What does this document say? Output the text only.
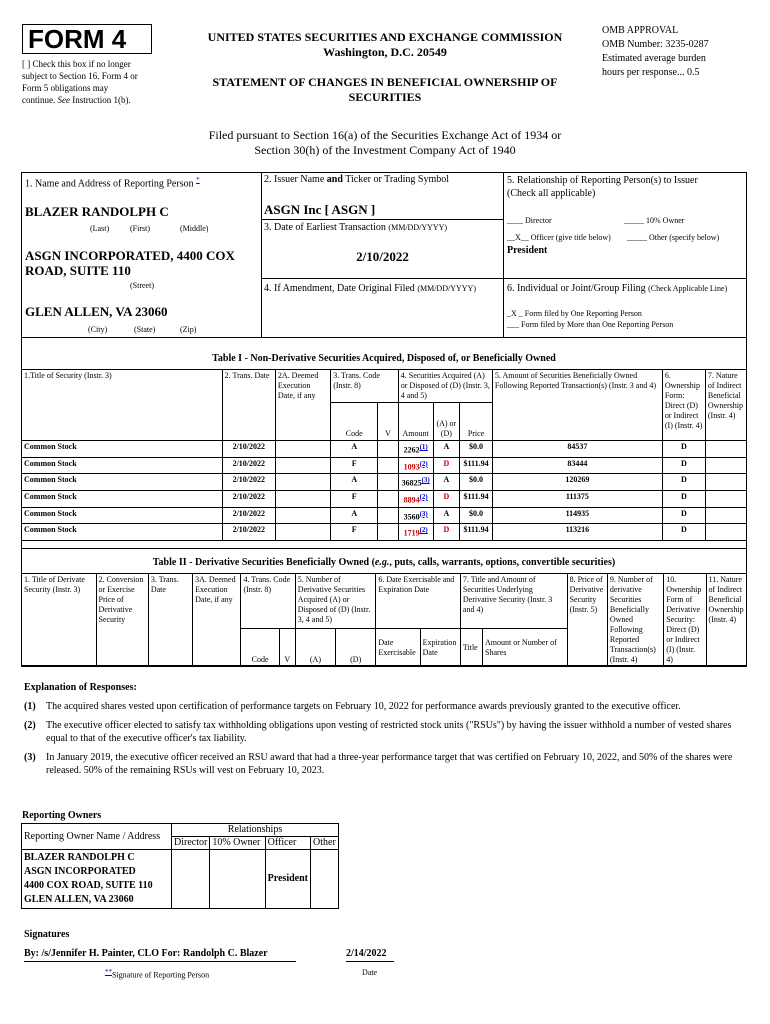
FORM 4
[ ] Check this box if no longer
subject to Section 16. Form 4 or
Form 5 obligations may
continue. See Instruction 1(b).
UNITED STATES SECURITIES AND EXCHANGE COMMISSION
Washington, D.C. 20549
STATEMENT OF CHANGES IN BENEFICIAL OWNERSHIP OF
SECURITIES
OMB APPROVAL
OMB Number: 3235-0287
Estimated average burden
hours per response... 0.5
Filed pursuant to Section 16(a) of the Securities Exchange Act of 1934 or
Section 30(h) of the Investment Company Act of 1940
1. Name and Address of Reporting Person *
BLAZER RANDOLPH C
(Last)	(First)	(Middle)
ASGN INCORPORATED, 4400 COX ROAD, SUITE 110
(Street)
GLEN ALLEN, VA 23060
(City)	(State)	(Zip)
2. Issuer Name and Ticker or Trading Symbol
ASGN Inc [ ASGN ]
3. Date of Earliest Transaction (MM/DD/YYYY)
2/10/2022
4. If Amendment, Date Original Filed (MM/DD/YYYY)
5. Relationship of Reporting Person(s) to Issuer
(Check all applicable)
____ Director	_____ 10% Owner
__X__ Officer (give title below) _____ Other (specify below)
President
6. Individual or Joint/Group Filing (Check Applicable Line)
_X _ Form filed by One Reporting Person
___ Form filed by More than One Reporting Person
Table I - Non-Derivative Securities Acquired, Disposed of, or Beneficially Owned
1.Title of Security (Instr. 3)	2. Trans. Date	2A. Deemed Execution Date, if any	3. Trans. Code (Instr. 8)		4. Securities Acquired (A) or Disposed of (D) (Instr. 3, 4 and 5)			5. Amount of Securities Beneficially Owned Following Reported Transaction(s) (Instr. 3 and 4)	6. Ownership Form: Direct (D) or Indirect (I) (Instr. 4)	7. Nature of Indirect Beneficial Ownership (Instr. 4)
			Code	V	Amount	(A) or (D)	Price			
Common Stock	2/10/2022		A		2262(1)	A	$0.0	84537	D	
Common Stock	2/10/2022		F		1093(2)	D	$111.94	83444	D	
Common Stock	2/10/2022		A		36825(3)	A	$0.0	120269	D	
Common Stock	2/10/2022		F		8894(2)	D	$111.94	111375	D	
Common Stock	2/10/2022		A		3560(3)	A	$0.0	114935	D	
Common Stock	2/10/2022		F		1719(2)	D	$111.94	113216	D	
Table II - Derivative Securities Beneficially Owned (e.g., puts, calls, warrants, options, convertible securities)
1. Title of Derivate Security (Instr. 3)	2. Conversion or Exercise Price of Derivative Security	3. Trans. Date	3A. Deemed Execution Date, if any	4. Trans. Code (Instr. 8)		5. Number of Derivative Securities Acquired (A) or Disposed of (D) (Instr. 3, 4 and 5)		6. Date Exercisable and Expiration Date		7. Title and Amount of Securities Underlying Derivative Security (Instr. 3 and 4)		8. Price of Derivative Security (Instr. 5)	9. Number of derivative Securities Beneficially Owned Following Reported Transaction(s) (Instr. 4)	10. Ownership Form of Derivative Security: Direct (D) or Indirect (I) (Instr. 4)	11. Nature of Indirect Beneficial Ownership (Instr. 4)
				Code	V	(A)	(D)	Date Exercisable	Expiration Date	Title	Amount or Number of Shares				
Explanation of Responses:
(1)	The acquired shares vested upon certification of performance targets on February 10, 2022 for performance awards previously granted to the executive officer.
(2)	The executive officer elected to satisfy tax withholding obligations upon vesting of restricted stock units ("RSUs") by having the issuer withhold a number of vested shares equal to that of the executive officer's tax liability.
(3)	In January 2019, the executive officer received an RSU award that had a three-year performance target that was certified on February 10, 2022, and 50% of the shares were released. 50% of the remaining RSUs will vest on February 10, 2023.
Reporting Owners
Reporting Owner Name / Address	Relationships			
	Director	10% Owner	Officer	Other

BLAZER RANDOLPH C
ASGN INCORPORATED
4400 COX ROAD, SUITE 110
GLEN ALLEN, VA 23060			President	
Signatures
By: /s/Jennifer H. Painter, CLO For: Randolph C. Blazer	2/14/2022
**Signature of Reporting Person	Date
